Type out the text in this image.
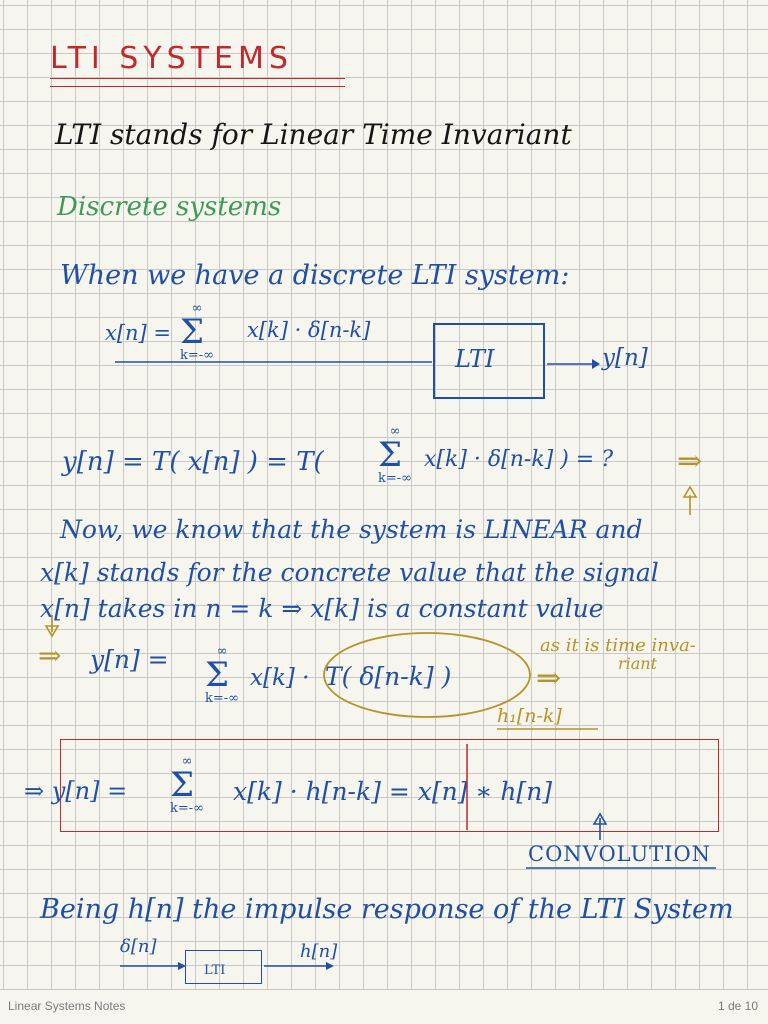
LTI SYSTEMS
LTI stands for Linear Time Invariant
Discrete systems
When we have a discrete LTI system:
x[n] =
∞
Σ
k=-∞
x[k] · δ[n-k]
LTI	y[n]
y[n] = T( x[n] ) = T(
∞
Σ
k=-∞
x[k] · δ[n-k] ) = ? ⇒
Now, we know that the system is LINEAR and
x[k] stands for the concrete value that the signal
x[n] takes in n = k ⇒ x[k] is a constant value
as it is time inva-
riant
⇒ y[n] =	∞
Σ
k=-∞
x[k] · T( δ[n-k] )	⇒
h₁[n-k]
⇒ y[n] =
∞
Σ
k=-∞
x[k] · h[n-k] = x[n] ∗ h[n]
CONVOLUTION
Being h[n] the impulse response of the LTI System
δ[n]
LTI
h[n]
Linear Systems Notes	1 de 10
